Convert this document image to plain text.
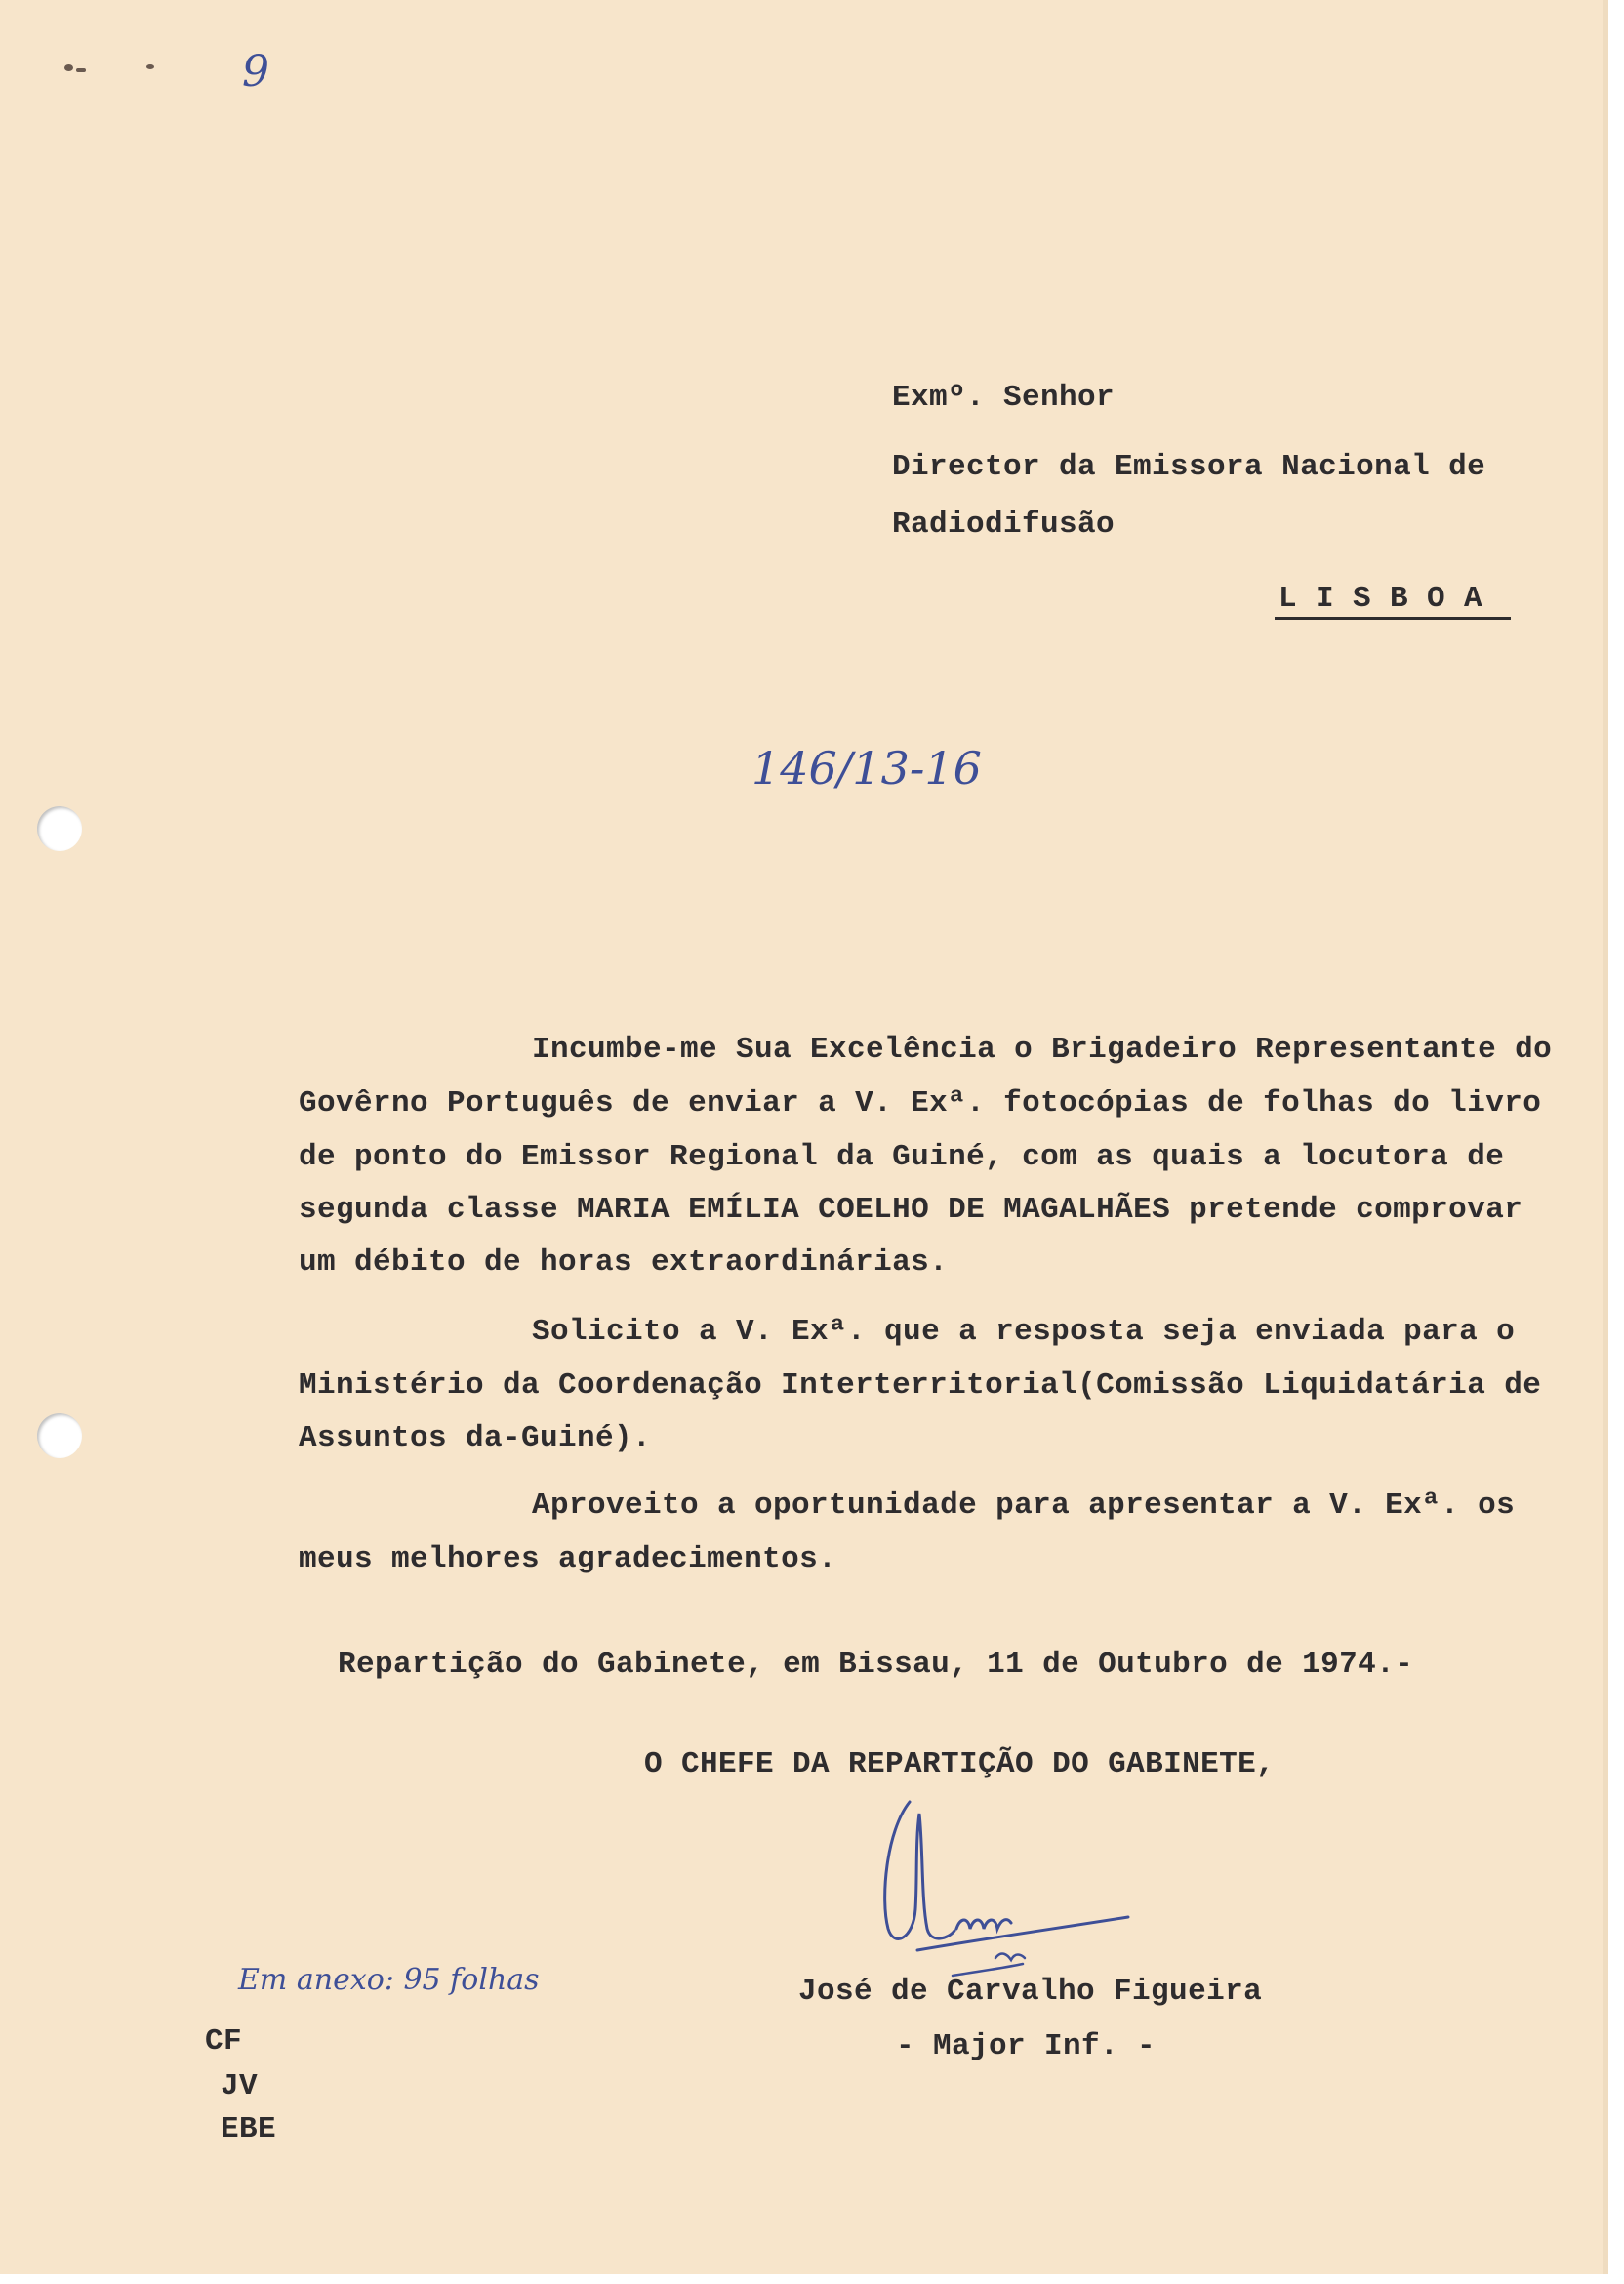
9
Exmº. Senhor
Director da Emissora Nacional de
Radiodifusão
L I S B O A
146/13-16
Incumbe-me Sua Excelência o Brigadeiro Representante do
Govêrno Português de enviar a V. Exª. fotocópias de folhas do livro
de ponto do Emissor Regional da Guiné, com as quais a locutora de
segunda classe MARIA EMÍLIA COELHO DE MAGALHÃES pretende comprovar
um débito de horas extraordinárias.
Solicito a V. Exª. que a resposta seja enviada para o
Ministério da Coordenação Interterritorial(Comissão Liquidatária de
Assuntos da-Guiné).
Aproveito a oportunidade para apresentar a V. Exª. os
meus melhores agradecimentos.
Repartição do Gabinete, em Bissau, 11 de Outubro de 1974.-
O CHEFE DA REPARTIÇÃO DO GABINETE,
José de Carvalho Figueira
- Major Inf. -
Em anexo: 95 folhas
CF
JV
EBE
